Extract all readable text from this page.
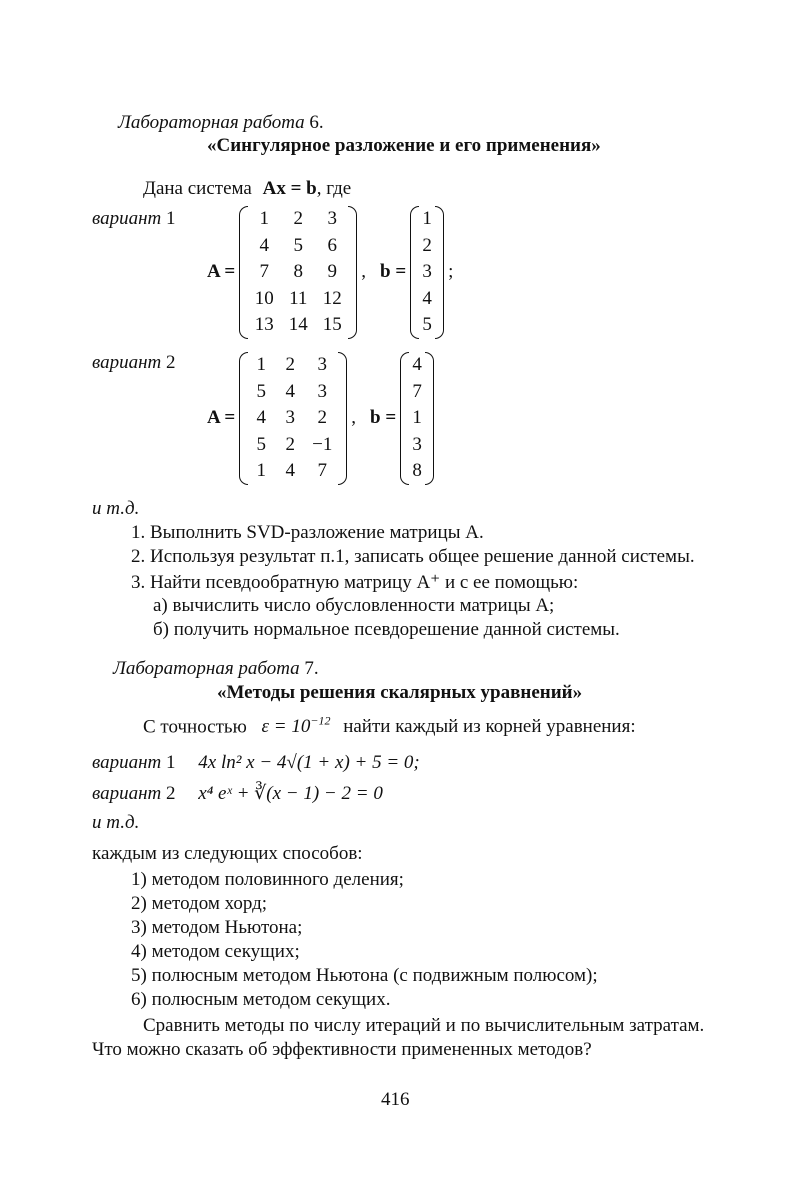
Лабораторная работа 6.
«Сингулярное разложение и его применения»
Дана система Ax = b, где
вариант 1
A =
1	2	3
4	5	6
7	8	9
10 11 12
13 14 15
, b =
1
2
3
4
5
;
вариант 2
A =
1	2	3
5	4	3
4	3	2
5	2 −1
1	4	7
, b =
4
7
1
3
8
и т.д.
1. Выполнить SVD-разложение матрицы A.
2. Используя результат п.1, записать общее решение данной системы.
3. Найти псевдообратную матрицу A⁺ и с ее помощью:
а) вычислить число обусловленности матрицы A;
б) получить нормальное псевдорешение данной системы.
Лабораторная работа 7.
«Методы решения скалярных уравнений»
С точностью $\varepsilon = 10^{-12}$ найти каждый из корней уравнения:
вариант 1 4x ln² x − 4√(1 + x) + 5 = 0;
вариант 2 x⁴ eˣ + ∛(x − 1) − 2 = 0
и т.д.
каждым из следующих способов:
1) методом половинного деления;
2) методом хорд;
3) методом Ньютона;
4) методом секущих;
5) полюсным методом Ньютона (с подвижным полюсом);
6) полюсным методом секущих.
Сравнить методы по числу итераций и по вычислительным затратам.
Что можно сказать об эффективности примененных методов?
416
